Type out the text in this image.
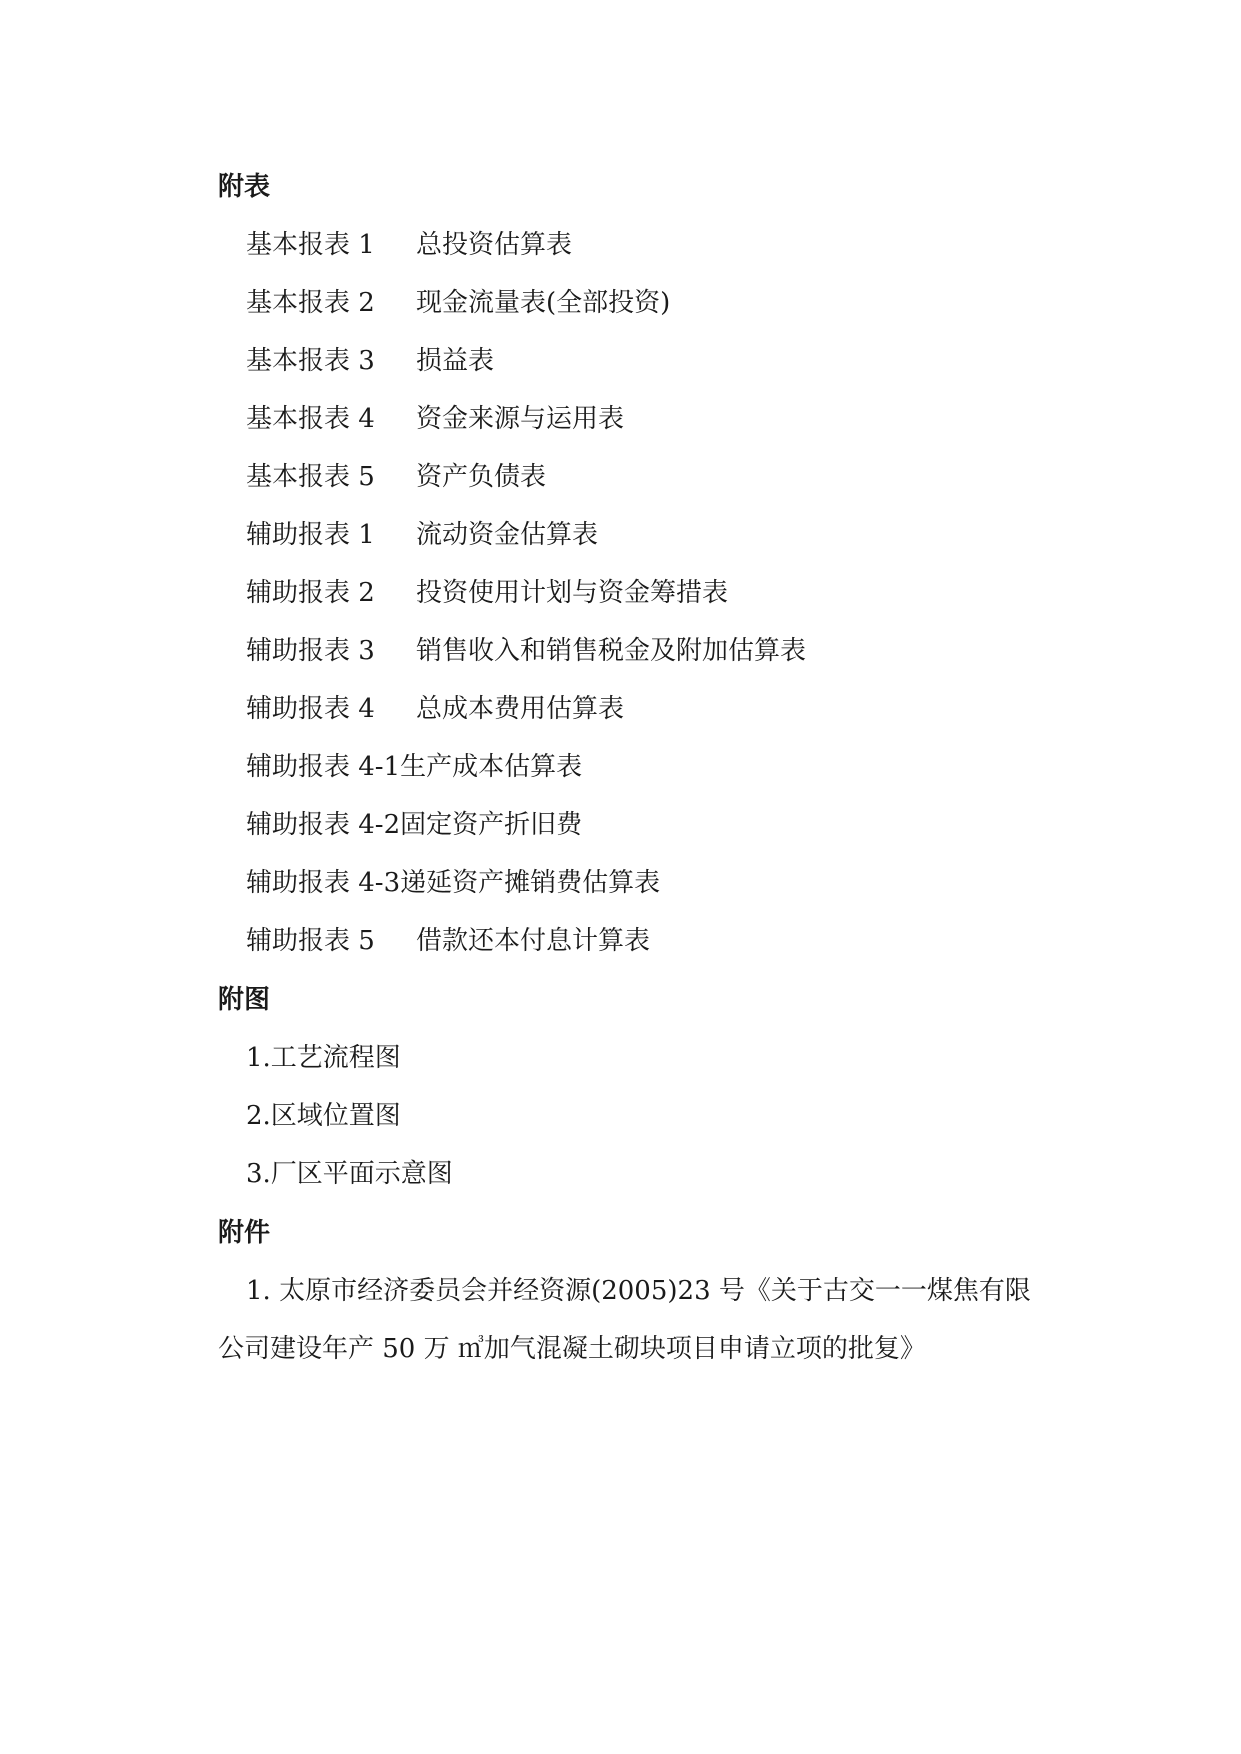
附表
基本报表 1 总投资估算表
基本报表 2 现金流量表(全部投资)
基本报表 3 损益表
基本报表 4 资金来源与运用表
基本报表 5 资产负债表
辅助报表 1 流动资金估算表
辅助报表 2 投资使用计划与资金筹措表
辅助报表 3 销售收入和销售税金及附加估算表
辅助报表 4 总成本费用估算表
辅助报表 4-1生产成本估算表
辅助报表 4-2固定资产折旧费
辅助报表 4-3递延资产摊销费估算表
辅助报表 5 借款还本付息计算表
附图
1.工艺流程图
2.区域位置图
3.厂区平面示意图
附件
1. 太原市经济委员会并经资源(2005)23 号《关于古交一一煤焦有限
公司建设年产 50 万 ㎥加气混凝土砌块项目申请立项的批复》
